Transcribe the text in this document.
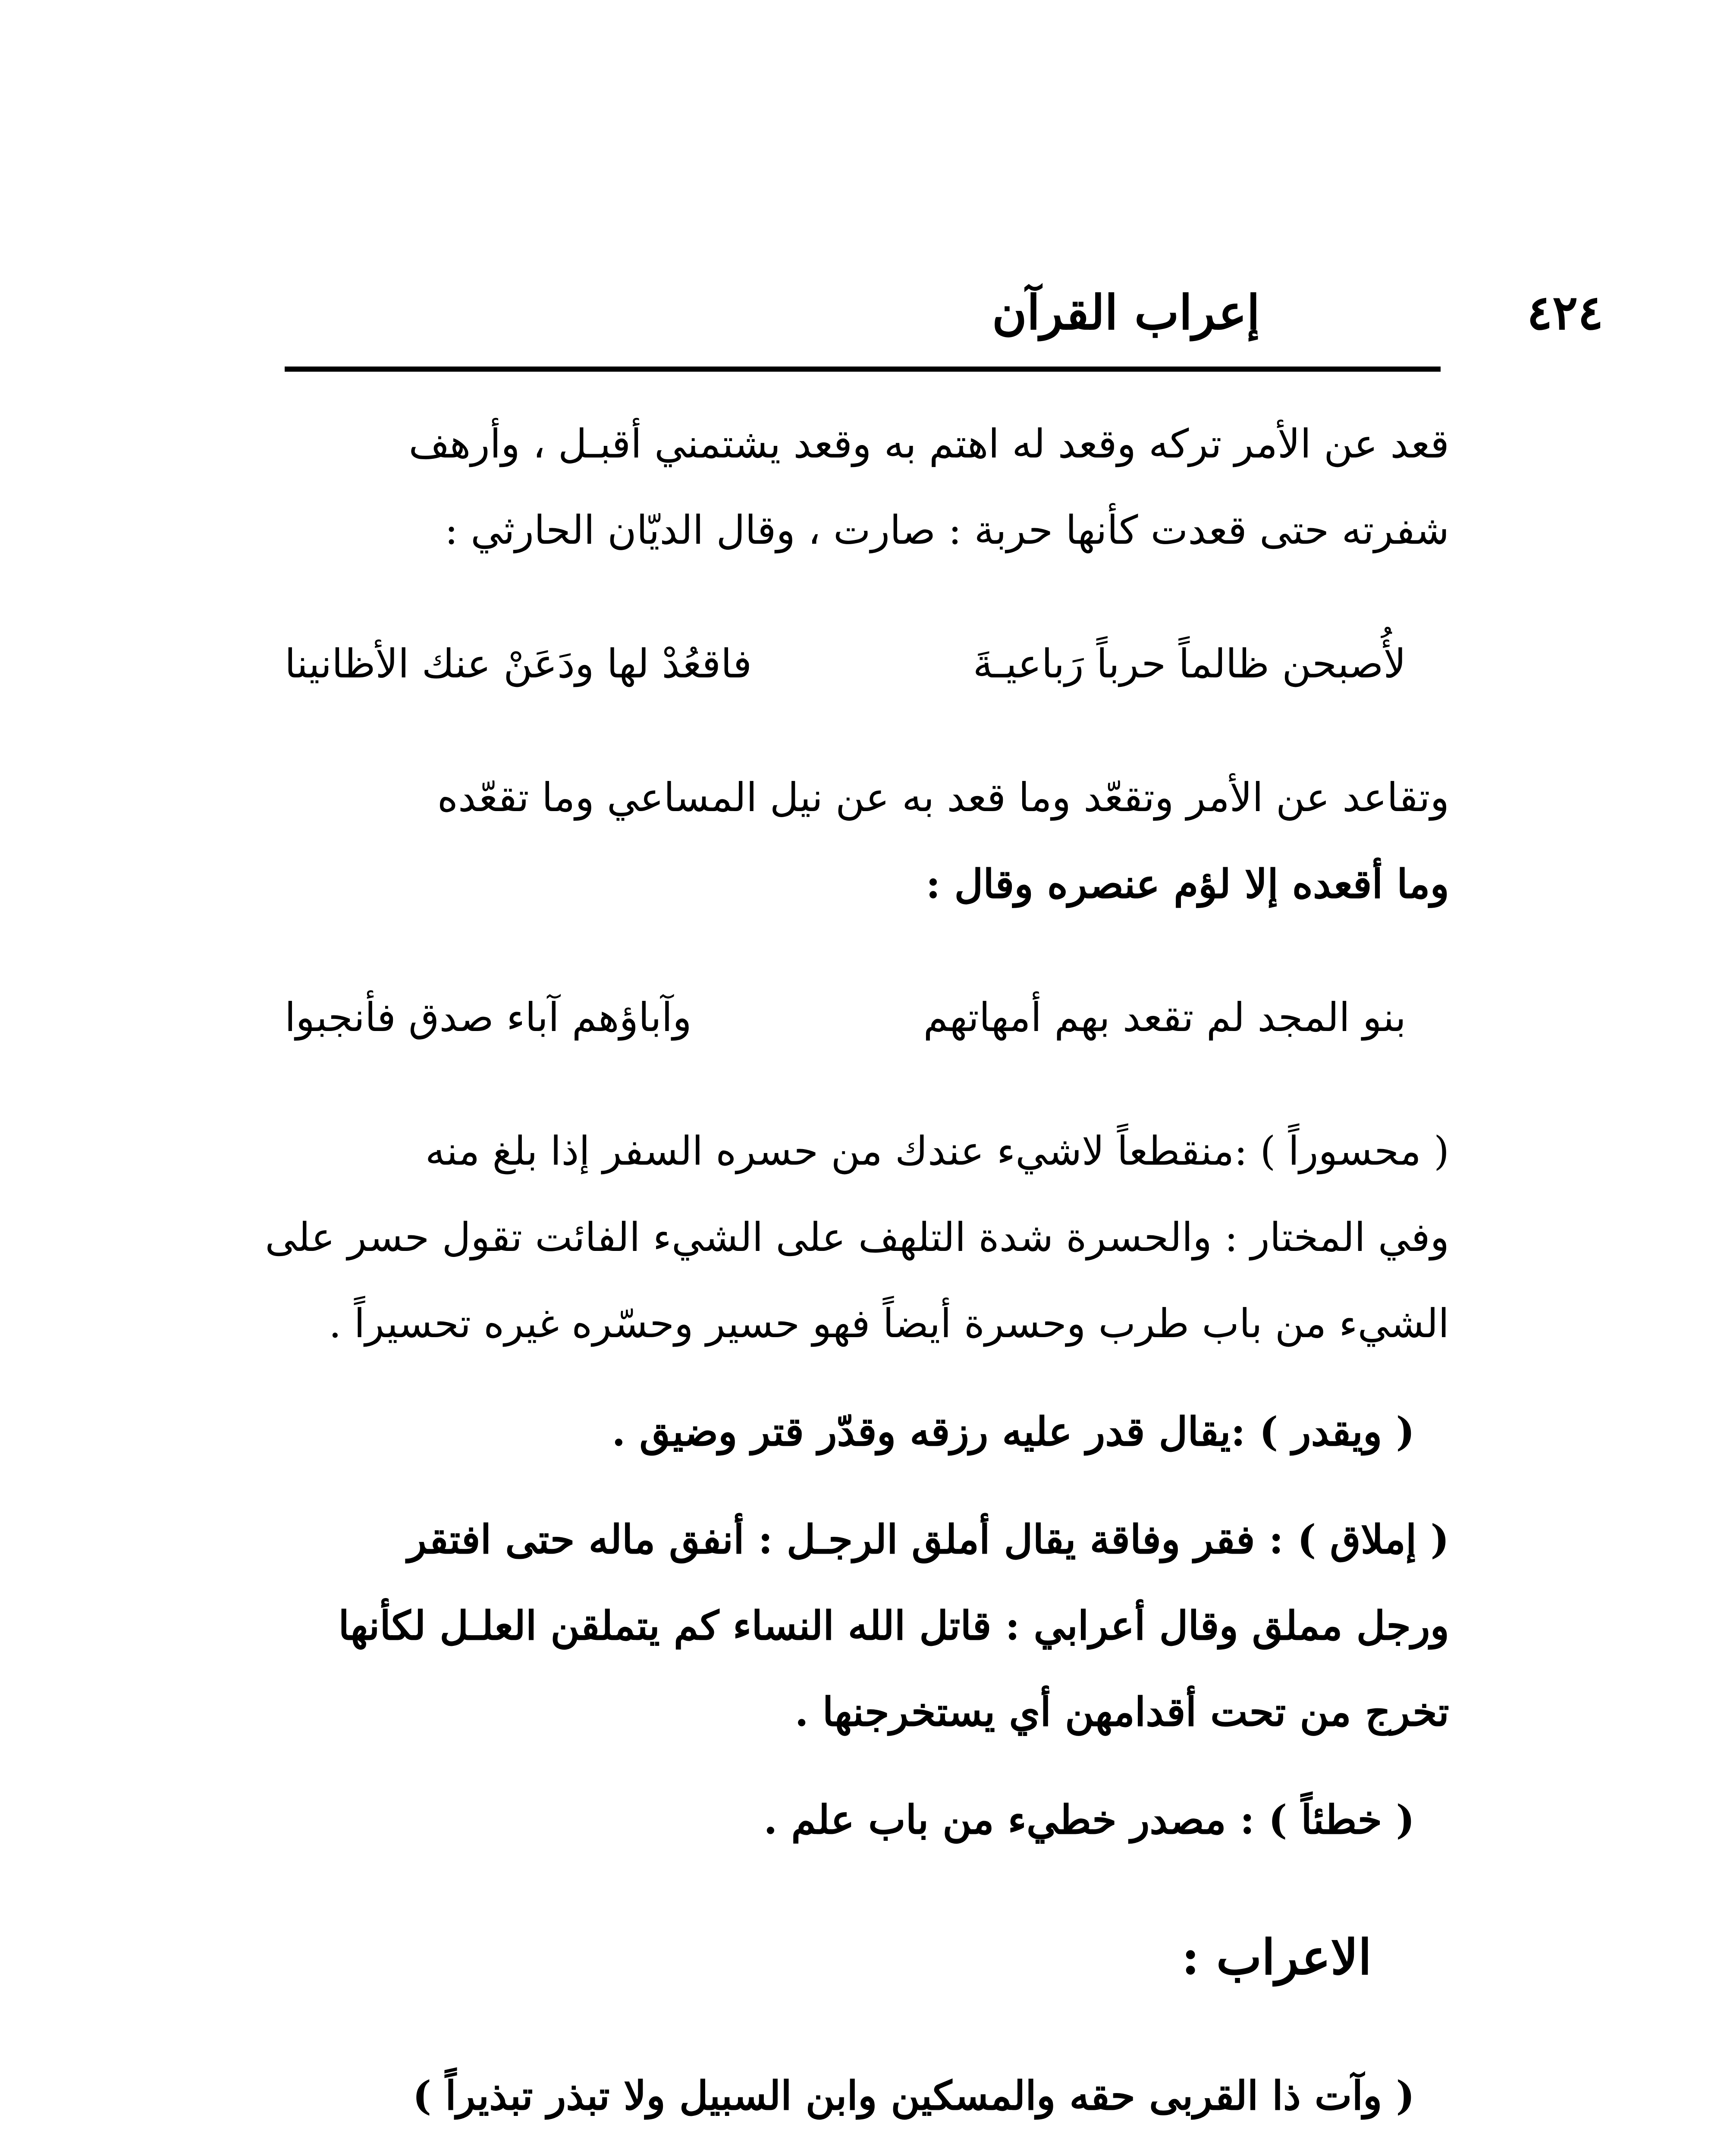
٤٢٤
إعراب القرآن
قعد عن الأمر تركه وقعد له اهتم به وقعد يشتمني أقبـل ، وأرهف
شفرته حتى قعدت كأنها حربة : صارت ، وقال الديّان الحارثي :
لأُصبحن ظالماً حرباً رَباعيـةَ
فاقعُدْ لها ودَعَنْ عنك الأظانينا
وتقاعد عن الأمر وتقعّد وما قعد به عن نيل المساعي وما تقعّده
وما أقعده إلا لؤم عنصره وقال :
بنو المجد لم تقعد بهم أمهاتهم
وآباؤهم آباء صدق فأنجبوا
( محسوراً ) :منقطعاً لاشيء عندك من حسره السفر إذا بلغ منه
وفي المختار : والحسرة شدة التلهف على الشيء الفائت تقول حسر على
الشيء من باب طرب وحسرة أيضاً فهو حسير وحسّره غيره تحسيراً .
( ويقدر ) :يقال قدر عليه رزقه وقدّر قتر وضيق .
( إملاق ) : فقر وفاقة يقال أملق الرجـل : أنفق ماله حتى افتقر
ورجل مملق وقال أعرابي : قاتل الله النساء كم يتملقن العلـل لكأنها
تخرج من تحت أقدامهن أي يستخرجنها .
( خطئاً ) : مصدر خطيء من باب علم .
الاعراب :
( وآت ذا القربى حقه والمسكين وابن السبيل ولا تبذر تبذيراً )
